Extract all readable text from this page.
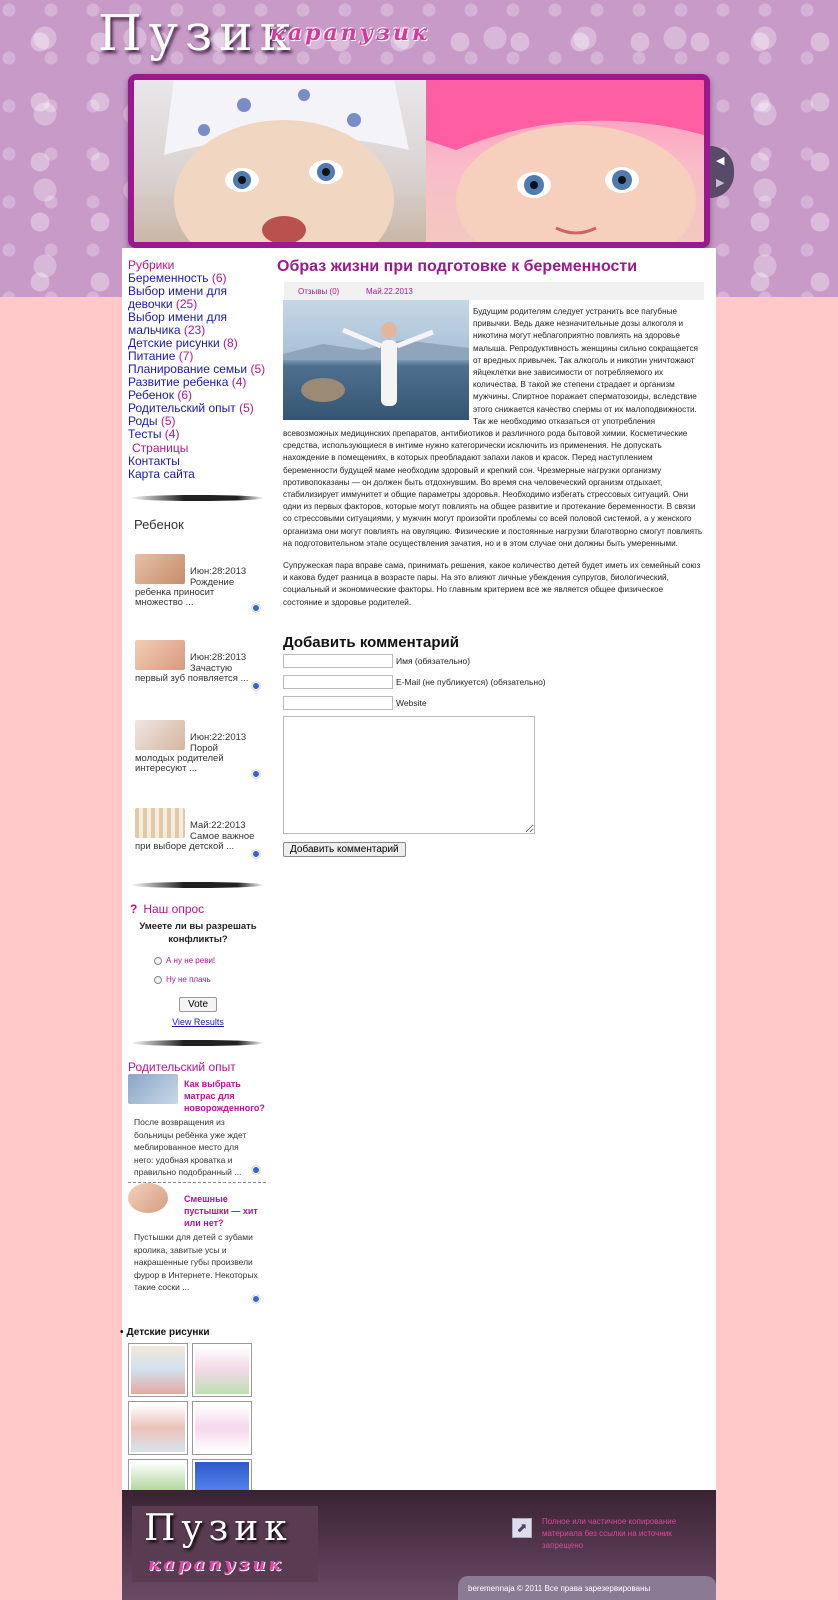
Пузик
карапузик
◀
▶
Рубрики
Беременность (6)
Выбор имени для девочки (25)
Выбор имени для мальчика (23)
Детские рисунки (8)
Питание (7)
Планирование семьи (5)
Развитие ребенка (4)
Ребенок (6)
Родительский опыт (5)
Роды (5)
Тесты (4)
Страницы
Контакты
Карта сайта
Ребенок
Июн:28:2013
Рождение ребенка приносит множество ...
Июн:28:2013
Зачастую первый зуб появляется ...
Июн:22:2013
Порой молодых родителей интересуют ...
Май:22:2013
Самое важное при выборе детской ...
? Наш опрос
Умеете ли вы разрешать конфликты?
А ну не реви!
Ну не плачь
Vote
View Results
Родительский опыт
Как выбрать матрас для новорожденного?
После возвращения из больницы ребёнка уже ждет меблированное место для него: удобная кроватка и правильно подобранный ...
Смешные пустышки — хит или нет?
Пустышки для детей с зубами кролика, завитые усы и накрашенные губы произвели фурор в Интернете. Некоторых такие соски ...
• Детские рисунки
Образ жизни при подготовке к беременности
Отзывы (0)	Май.22.2013

Будущим родителям следует устранить все пагубные привычки. Ведь даже незначительные дозы алкоголя и никотина могут неблагоприятно повлиять на здоровье малыша. Репродуктивность женщины сильно сокращается от вредных привычек. Так алкоголь и никотин уничтожают яйцеклетки вне зависимости от потребляемого их количества. В такой же степени страдает и организм мужчины. Спиртное поражает сперматозоиды, вследствие этого снижается качество спермы от их малоподвижности. Так же необходимо отказаться от употребления всевозможных медицинских препаратов, антибиотиков и различного рода бытовой химии. Косметические средства, использующиеся в интиме нужно категорически исключить из применения. Не допускать нахождение в помещениях, в которых преобладают запахи лаков и красок. Перед наступлением беременности будущей маме необходим здоровый и крепкий сон. Чрезмерные нагрузки организму противопоказаны — он должен быть отдохнувшим. Во время сна человеческий организм отдыхает, стабилизирует иммунитет и общие параметры здоровья. Необходимо избегать стрессовых ситуаций. Они одни из первых факторов, которые могут повлиять на общее развитие и протекание беременности. В связи со стрессовыми ситуациями, у мужчин могут произойти проблемы со всей половой системой, а у женского организма они могут повлиять на овуляцию. Физические и постоянные нагрузки благотворно смогут повлиять на подготовительном этапе осуществления зачатия, но и в этом случае они должны быть умеренными.

Супружеская пара вправе сама, принимать решения, какое количество детей будет иметь их семейный союз и какова будет разница в возрасте пары. На это влияют личные убеждения супругов, биологический, социальный и экономические факторы. Но главным критерием все же является общее физическое состояние и здоровье родителей.

Добавить комментарий
Имя (обязательно)
E-Mail (не публикуется) (обязательно)
Website
Добавить комментарий
Пузик
карапузик
⬈	Полное или частичное копирование материала без ссылки на источник запрещено
beremennaja © 2011 Все права зарезервированы
